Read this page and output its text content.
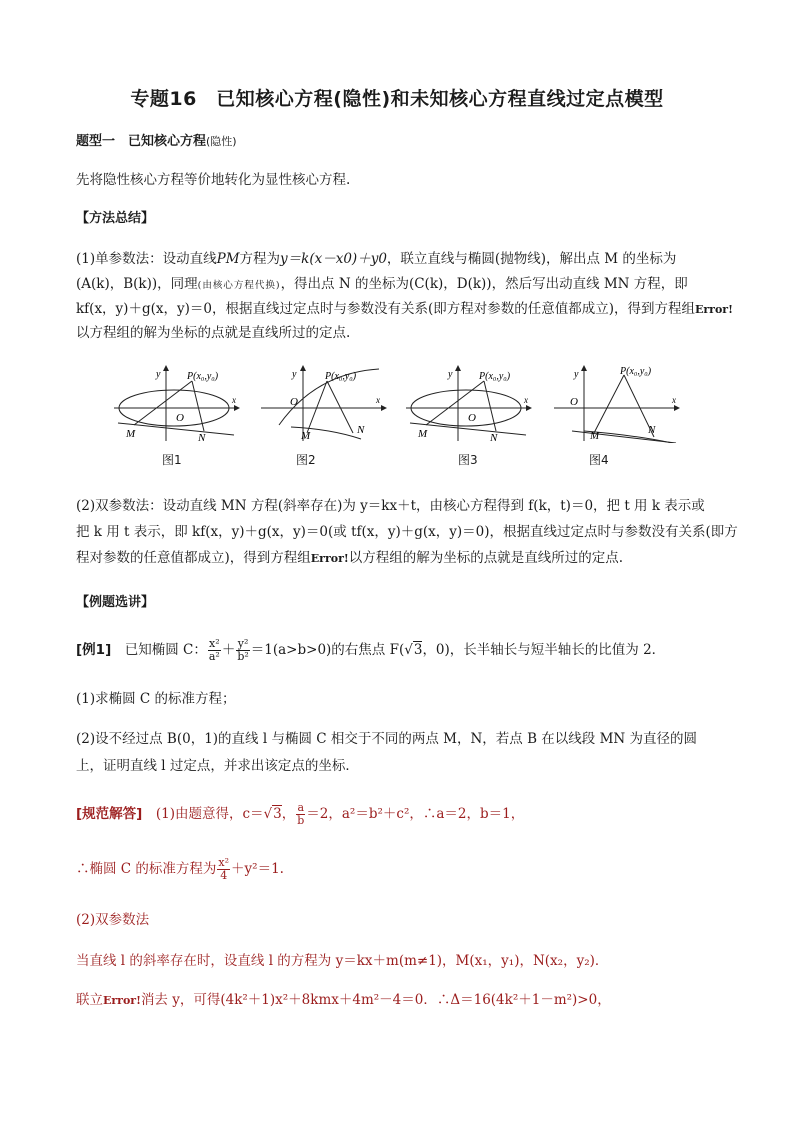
专题16　已知核心方程(隐性)和未知核心方程直线过定点模型
题型一　已知核心方程(隐性)
先将隐性核心方程等价地转化为显性核心方程.
【方法总结】
(1)单参数法：设动直线PM方程为y＝k(x－x0)＋y0，联立直线与椭圆(抛物线)，解出点 M 的坐标为
(A(k)，B(k))，同理(由核心方程代换)，得出点 N 的坐标为(C(k)，D(k))，然后写出动直线 MN 方程，即
kf(x，y)＋g(x，y)＝0，根据直线过定点时与参数没有关系(即方程对参数的任意值都成立)，得到方程组Error!
以方程组的解为坐标的点就是直线所过的定点.
y
x
P(x₀,y₀)
O
M	N
图1
y
x
P(x₀,y₀)
O
M	N
图2
y
x
P(x₀,y₀)
O
M	N
图3
y
x
P(x₀,y₀)
O
M	N
图4
(2)双参数法：设动直线 MN 方程(斜率存在)为 y＝kx＋t，由核心方程得到 f(k，t)＝0，把 t 用 k 表示或
把 k 用 t 表示，即 kf(x，y)＋g(x，y)＝0(或 tf(x，y)＋g(x，y)＝0)，根据直线过定点时与参数没有关系(即方
程对参数的任意值都成立)，得到方程组Error!以方程组的解为坐标的点就是直线所过的定点.
【例题选讲】
[例1]　已知椭圆 C： $\frac{\text{x²}}{\text{a²}} + \frac{\text{y²}}{\text{b²}} =1(a>b>0)$的右焦点 F(√3，0)，长半轴长与短半轴长的比值为 2．
(1)求椭圆 C 的标准方程；
(2)设不经过点 B(0，1)的直线 l 与椭圆 C 相交于不同的两点 M，N，若点 B 在以线段 MN 为直径的圆
上，证明直线 l 过定点，并求出该定点的坐标．
[规范解答]　(1)由题意得，c＝√3， $\frac{a}{b} =2$，a²＝b²＋c²，∴a＝2，b＝1，
∴椭圆 C 的标准方程为 $\frac{\text{x²}}{4} +y^2=1$.
(2)双参数法
当直线 l 的斜率存在时，设直线 l 的方程为 y＝kx＋m(m≠1)，M(x₁，y₁)，N(x₂，y₂)．
联立Error!消去 y，可得(4k²＋1)x²＋8kmx＋4m²－4＝0．∴Δ＝16(4k²＋1－m²)>0，
